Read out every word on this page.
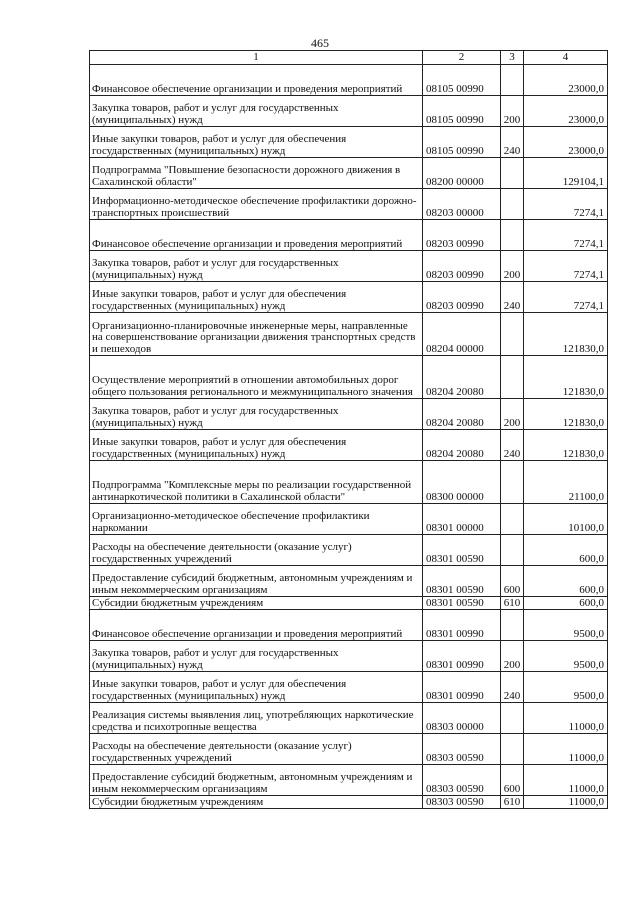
465
1	2	3	4
Финансовое обеспечение организации и проведения мероприятий	08105 00990		23000,0
Закупка товаров, работ и услуг для государственных (муниципальных) нужд	08105 00990	200	23000,0
Иные закупки товаров, работ и услуг для обеспечения государственных (муниципальных) нужд	08105 00990	240	23000,0
Подпрограмма "Повышение безопасности дорожного движения в Сахалинской области"	08200 00000		129104,1
Информационно-методическое обеспечение профилактики дорожно-транспортных происшествий	08203 00000		7274,1
Финансовое обеспечение организации и проведения мероприятий	08203 00990		7274,1
Закупка товаров, работ и услуг для государственных (муниципальных) нужд	08203 00990	200	7274,1
Иные закупки товаров, работ и услуг для обеспечения государственных (муниципальных) нужд	08203 00990	240	7274,1
Организационно-планировочные инженерные меры, направленные на совершенствование организации движения транспортных средств и пешеходов	08204 00000		121830,0
Осуществление мероприятий в отношении автомобильных дорог общего пользования регионального и межмуниципального значения	08204 20080		121830,0
Закупка товаров, работ и услуг для государственных (муниципальных) нужд	08204 20080	200	121830,0
Иные закупки товаров, работ и услуг для обеспечения государственных (муниципальных) нужд	08204 20080	240	121830,0
Подпрограмма "Комплексные меры по реализации государственной антинаркотической политики в Сахалинской области"	08300 00000		21100,0
Организационно-методическое обеспечение профилактики наркомании	08301 00000		10100,0
Расходы на обеспечение деятельности (оказание услуг) государственных учреждений	08301 00590		600,0
Предоставление субсидий бюджетным, автономным учреждениям и иным некоммерческим организациям	08301 00590	600	600,0
Субсидии бюджетным учреждениям	08301 00590	610	600,0
Финансовое обеспечение организации и проведения мероприятий	08301 00990		9500,0
Закупка товаров, работ и услуг для государственных (муниципальных) нужд	08301 00990	200	9500,0
Иные закупки товаров, работ и услуг для обеспечения государственных (муниципальных) нужд	08301 00990	240	9500,0
Реализация системы выявления лиц, употребляющих наркотические средства и психотропные вещества	08303 00000		11000,0
Расходы на обеспечение деятельности (оказание услуг) государственных учреждений	08303 00590		11000,0
Предоставление субсидий бюджетным, автономным учреждениям и иным некоммерческим организациям	08303 00590	600	11000,0
Субсидии бюджетным учреждениям	08303 00590	610	11000,0
